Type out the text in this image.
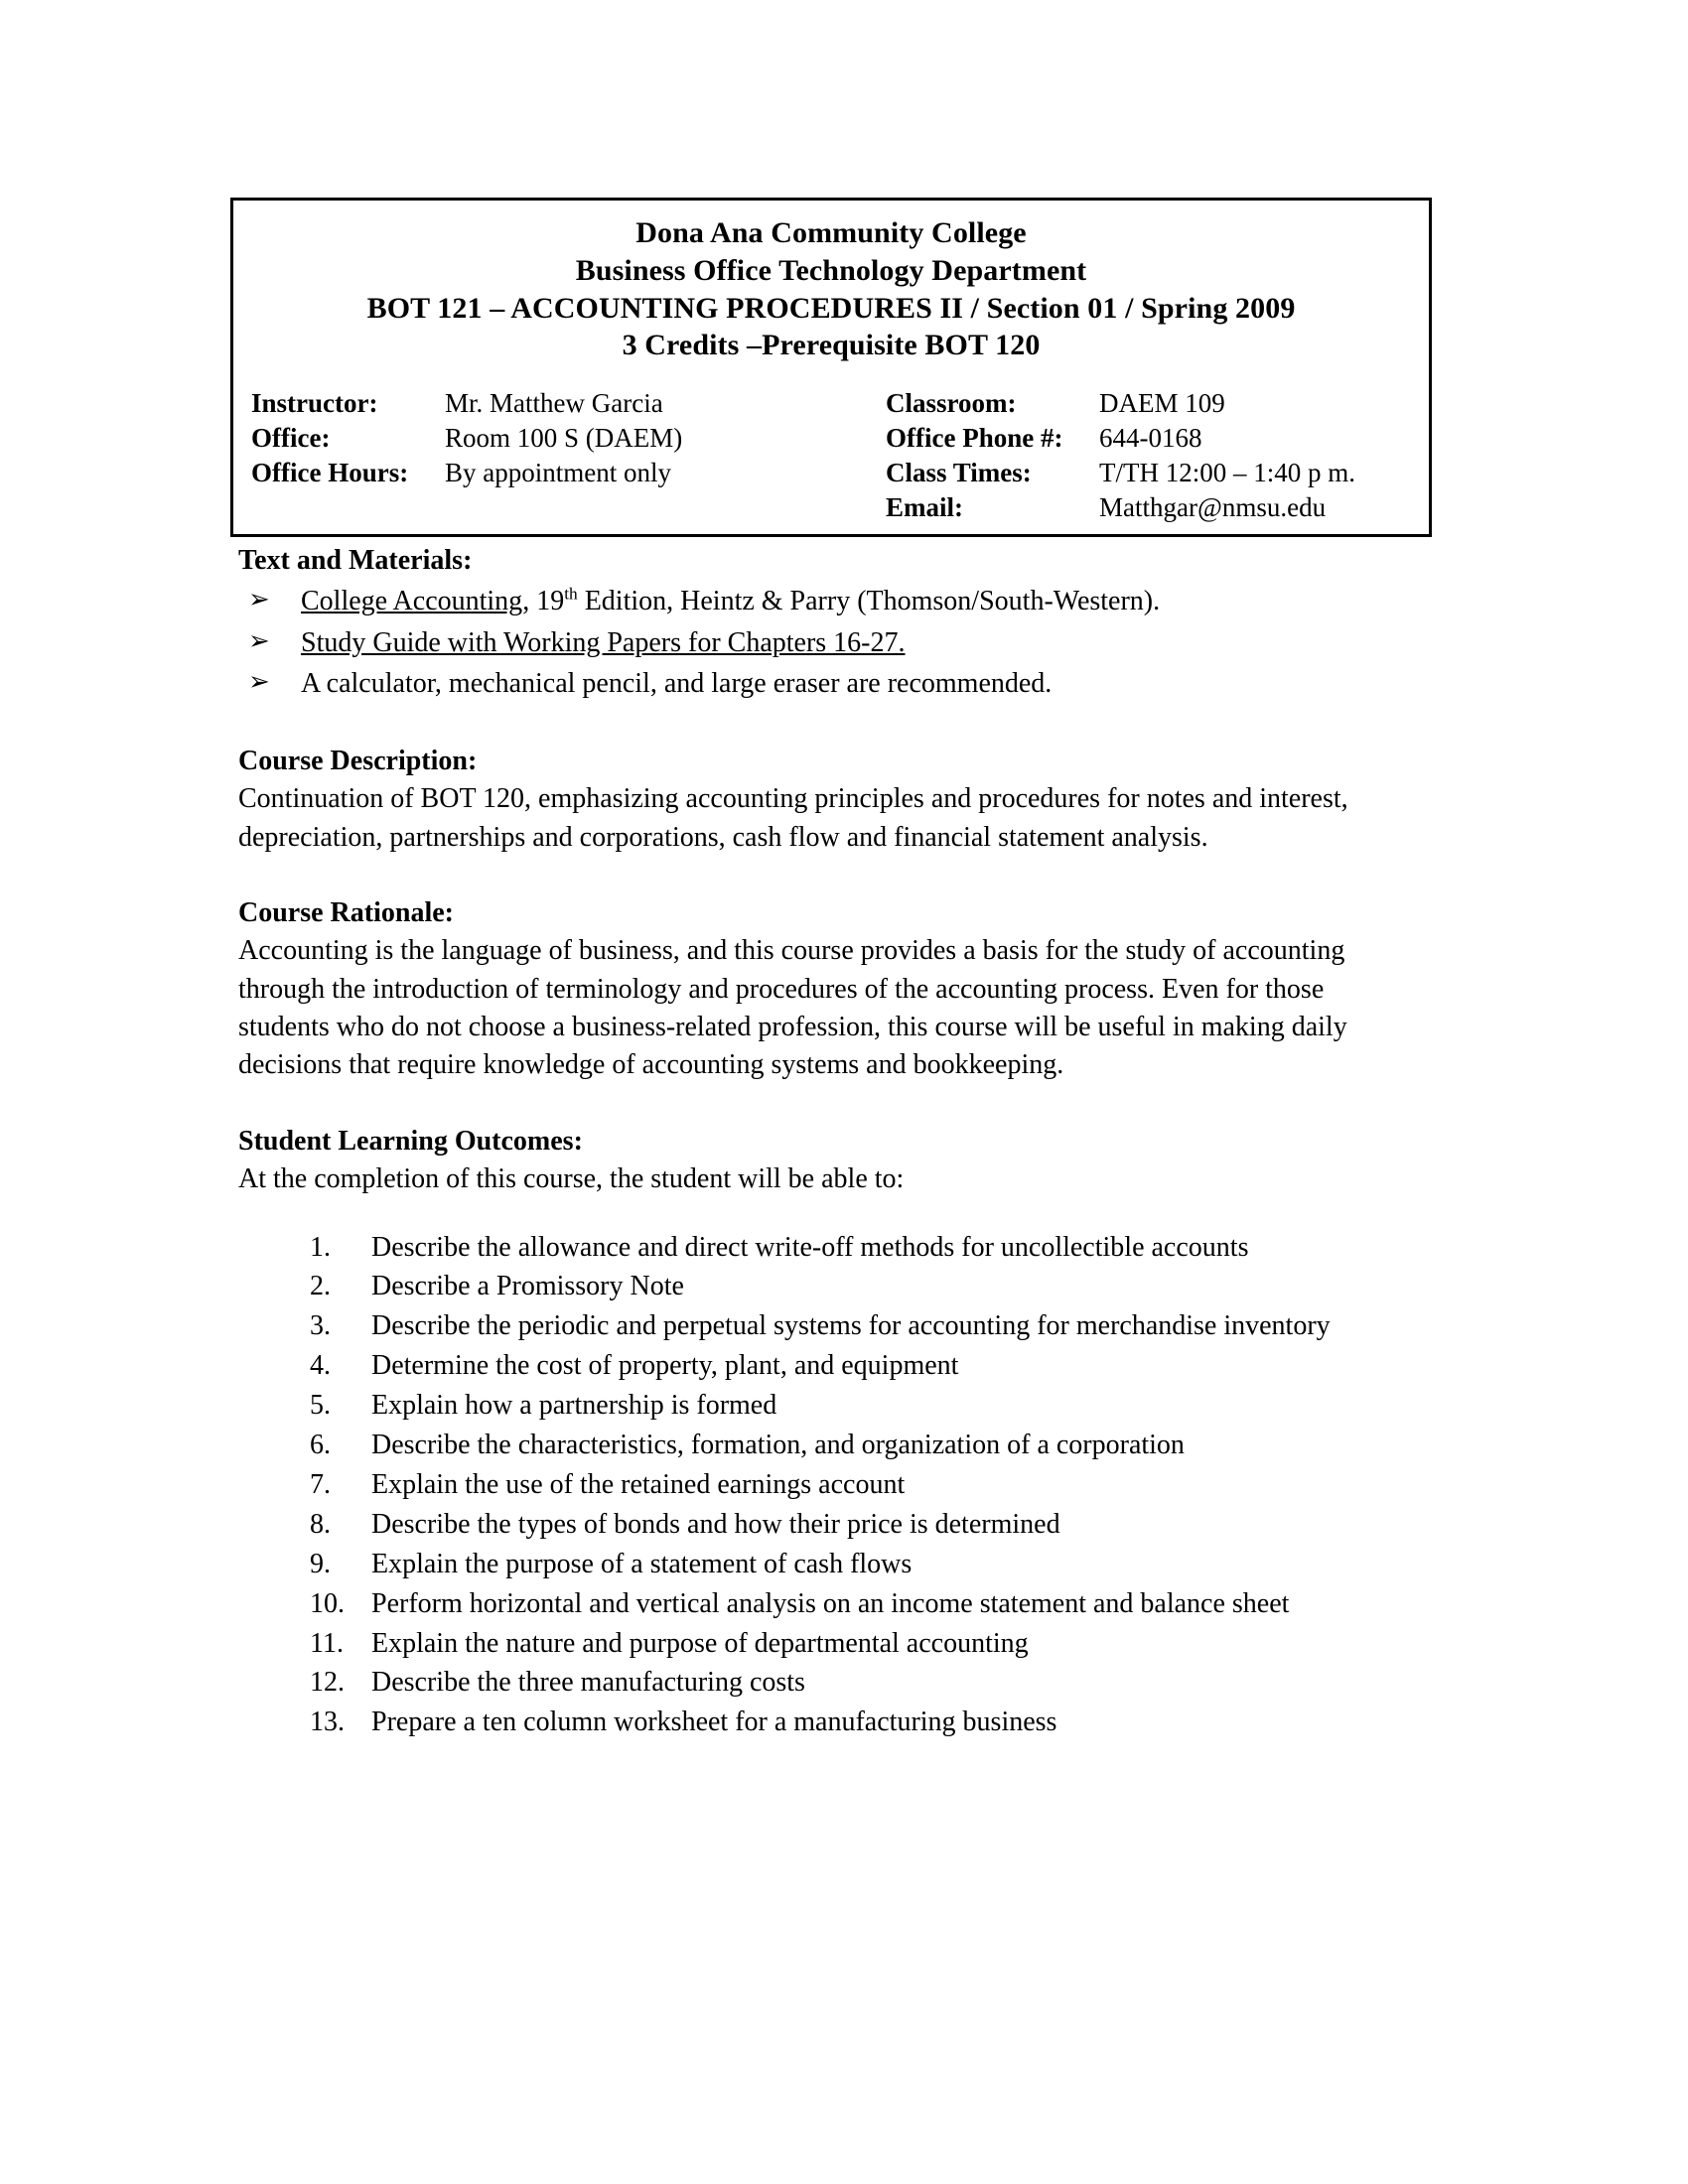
Dona Ana Community College
Business Office Technology Department
BOT 121 – ACCOUNTING PROCEDURES II / Section 01 / Spring 2009
3 Credits –Prerequisite BOT 120
Instructor:	Mr. Matthew Garcia	Classroom:	DAEM 109
Office:	Room 100 S (DAEM)	Office Phone #:	644-0168
Office Hours:	By appointment only	Class Times:	T/TH 12:00 – 1:40 p m.
		Email:	Matthgar@nmsu.edu
Text and Materials:
➢ College Accounting, 19th Edition, Heintz & Parry (Thomson/South-Western).
➢ Study Guide with Working Papers for Chapters 16-27.
➢ A calculator, mechanical pencil, and large eraser are recommended.
Course Description:

Continuation of BOT 120, emphasizing accounting principles and procedures for notes and interest, depreciation, partnerships and corporations, cash flow and financial statement analysis.

Course Rationale:

Accounting is the language of business, and this course provides a basis for the study of accounting through the introduction of terminology and procedures of the accounting process. Even for those students who do not choose a business-related profession, this course will be useful in making daily decisions that require knowledge of accounting systems and bookkeeping.

Student Learning Outcomes:

At the completion of this course, the student will be able to:

1.	Describe the allowance and direct write-off methods for uncollectible accounts
2.	Describe a Promissory Note
3.	Describe the periodic and perpetual systems for accounting for merchandise inventory
4.	Determine the cost of property, plant, and equipment
5.	Explain how a partnership is formed
6.	Describe the characteristics, formation, and organization of a corporation
7.	Explain the use of the retained earnings account
8.	Describe the types of bonds and how their price is determined
9.	Explain the purpose of a statement of cash flows
10. Perform horizontal and vertical analysis on an income statement and balance sheet
11.	Explain the nature and purpose of departmental accounting
12. Describe the three manufacturing costs
13. Prepare a ten column worksheet for a manufacturing business
